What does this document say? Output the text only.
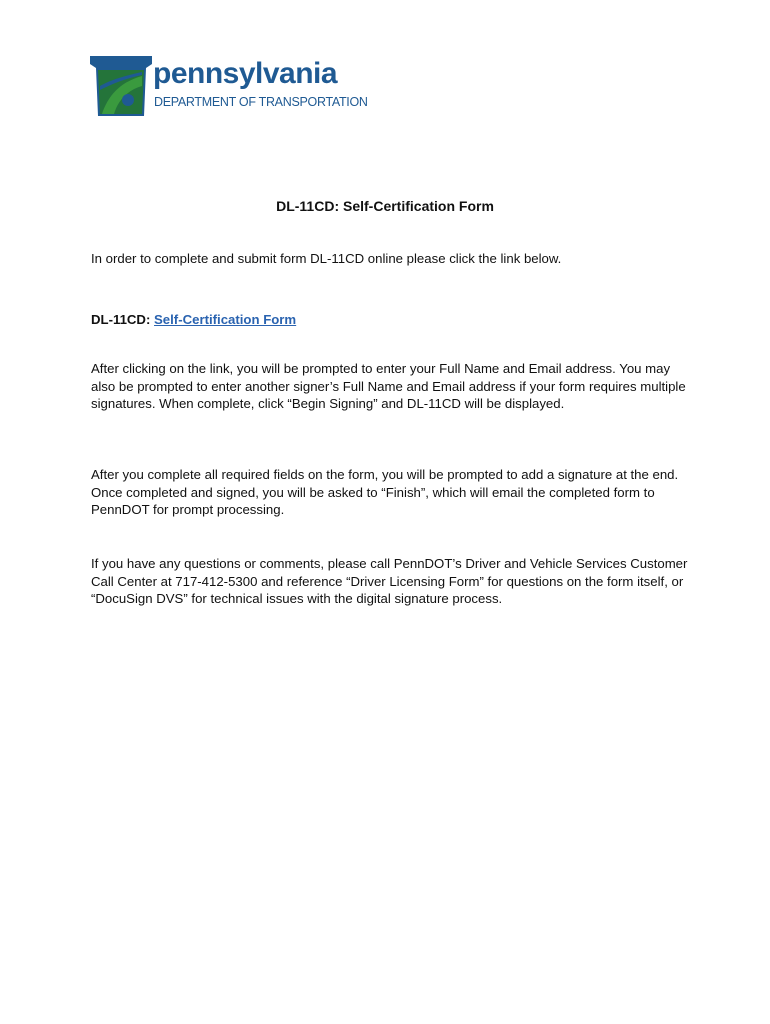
pennsylvania
DEPARTMENT OF TRANSPORTATION
DL-11CD: Self-Certification Form

In order to complete and submit form DL-11CD online please click the link below.

DL-11CD: Self-Certification Form

After clicking on the link, you will be prompted to enter your Full Name and Email address. You may also be prompted to enter another signer’s Full Name and Email address if your form requires multiple signatures. When complete, click “Begin Signing” and DL-11CD will be displayed.

After you complete all required fields on the form, you will be prompted to add a signature at the end. Once completed and signed, you will be asked to “Finish”, which will email the completed form to PennDOT for prompt processing.

If you have any questions or comments, please call PennDOT’s Driver and Vehicle Services Customer Call Center at 717-412-5300 and reference “Driver Licensing Form” for questions on the form itself, or “DocuSign DVS” for technical issues with the digital signature process.
